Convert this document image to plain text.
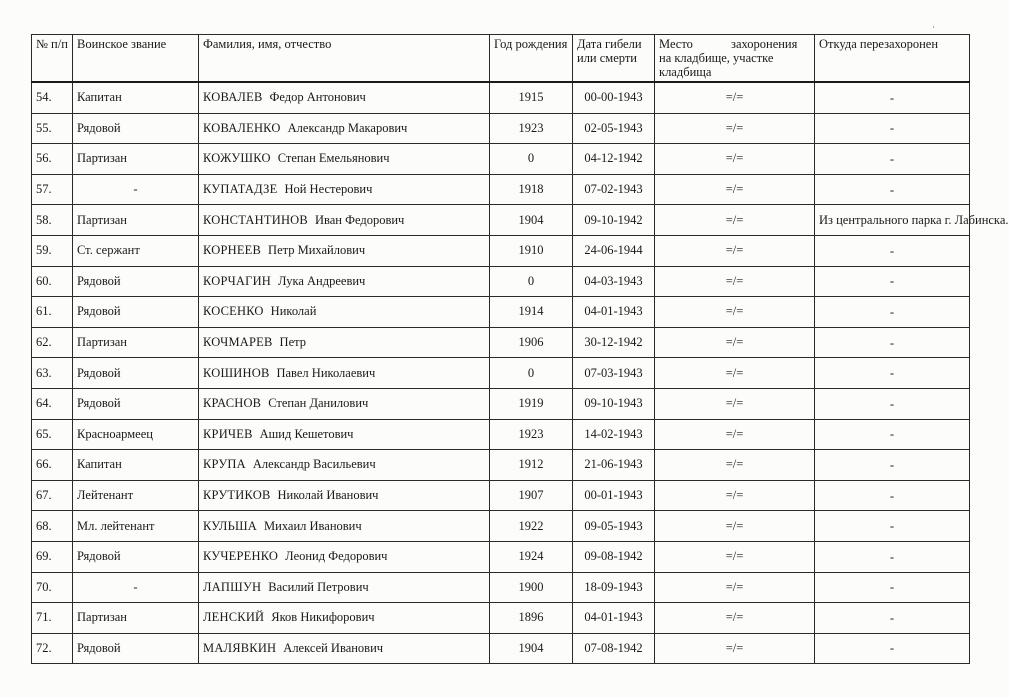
·
№ п/п	Воинское звание	Фамилия, имя, отчество	Год рождения	Дата гибели или смерти	Место захоронения на кладбище, участке кладбища	Откуда перезахоронен
54.	Капитан	КОВАЛЕВ Федор Антонович	1915	00-00-1943	=/=	-
55.	Рядовой	КОВАЛЕНКО Александр Макарович	1923	02-05-1943	=/=	-
56.	Партизан	КОЖУШКО Степан Емельянович	0	04-12-1942	=/=	-
57.	-	КУПАТАДЗЕ Ной Нестерович	1918	07-02-1943	=/=	-
58.	Партизан	КОНСТАНТИНОВ Иван Федорович	1904	09-10-1942	=/=	Из центрального парка г. Лабинска.
59.	Ст. сержант	КОРНЕЕВ Петр Михайлович	1910	24-06-1944	=/=	-
60.	Рядовой	КОРЧАГИН Лука Андреевич	0	04-03-1943	=/=	-
61.	Рядовой	КОСЕНКО Николай	1914	04-01-1943	=/=	-
62.	Партизан	КОЧМАРЕВ Петр	1906	30-12-1942	=/=	-
63.	Рядовой	КОШИНОВ Павел Николаевич	0	07-03-1943	=/=	-
64.	Рядовой	КРАСНОВ Степан Данилович	1919	09-10-1943	=/=	-
65.	Красноармеец	КРИЧЕВ Ашид Кешетович	1923	14-02-1943	=/=	-
66.	Капитан	КРУПА Александр Васильевич	1912	21-06-1943	=/=	-
67.	Лейтенант	КРУТИКОВ Николай Иванович	1907	00-01-1943	=/=	-
68.	Мл. лейтенант	КУЛЬША Михаил Иванович	1922	09-05-1943	=/=	-
69.	Рядовой	КУЧЕРЕНКО Леонид Федорович	1924	09-08-1942	=/=	-
70.	-	ЛАПШУН Василий Петрович	1900	18-09-1943	=/=	-
71.	Партизан	ЛЕНСКИЙ Яков Никифорович	1896	04-01-1943	=/=	-
72.	Рядовой	МАЛЯВКИН Алексей Иванович	1904	07-08-1942	=/=	-
